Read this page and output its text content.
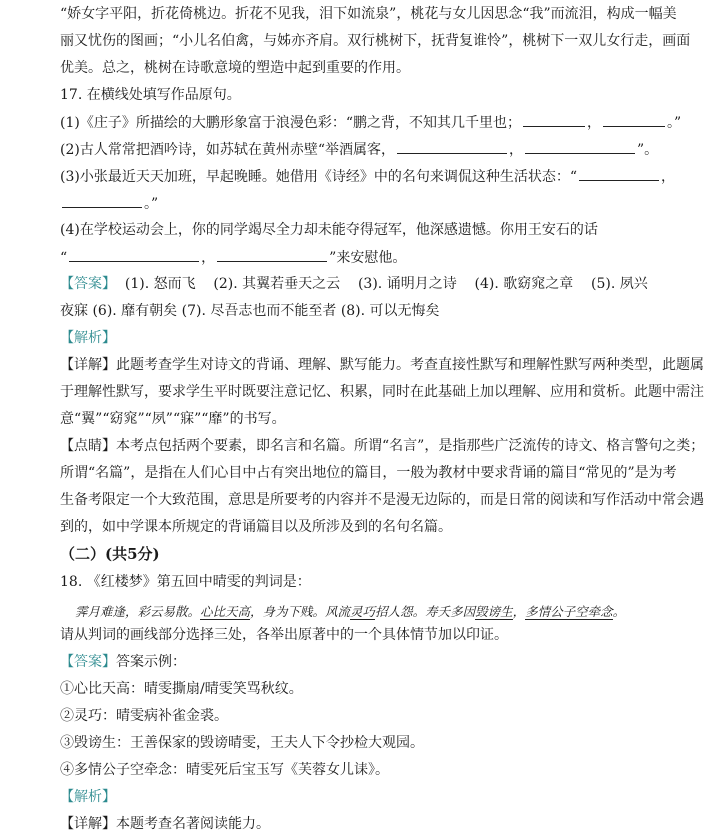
“娇女字平阳，折花倚桃边。折花不见我，泪下如流泉”，桃花与女儿因思念“我”而流泪，构成一幅美
丽又忧伤的图画；“小儿名伯禽，与姊亦齐肩。双行桃树下，抚背复谁怜”，桃树下一双儿女行走，画面
优美。总之，桃树在诗歌意境的塑造中起到重要的作用。
17. 在横线处填写作品原句。
(1)《庄子》所描绘的大鹏形象富于浪漫色彩：“鹏之背，不知其几千里也；	，	。”
(2)古人常常把酒吟诗，如苏轼在黄州赤壁“举酒属客，	，	”。
(3)小张最近天天加班，早起晚睡。她借用《诗经》中的名句来调侃这种生活状态：“	，
。”
(4)在学校运动会上，你的同学竭尽全力却未能夺得冠军，他深感遗憾。你用王安石的话
“	，	”来安慰他。
【答案】  (1). 怒而飞    (2). 其翼若垂天之云    (3). 诵明月之诗    (4). 歌窈窕之章    (5). 夙兴
夜寐 (6). 靡有朝矣 (7). 尽吾志也而不能至者 (8). 可以无悔矣
【解析】
【详解】此题考查学生对诗文的背诵、理解、默写能力。考查直接性默写和理解性默写两种类型，此题属
于理解性默写，要求学生平时既要注意记忆、积累，同时在此基础上加以理解、应用和赏析。此题中需注
意“翼”“窈窕”“夙”“寐”“靡”的书写。
【点睛】本考点包括两个要素，即名言和名篇。所谓“名言”，是指那些广泛流传的诗文、格言警句之类；
所谓“名篇”，是指在人们心目中占有突出地位的篇目，一般为教材中要求背诵的篇目“常见的”是为考
生备考限定一个大致范围，意思是所要考的内容并不是漫无边际的，而是日常的阅读和写作活动中常会遇
到的，如中学课本所规定的背诵篇目以及所涉及到的名句名篇。
（二）(共5分)
18. 《红楼梦》第五回中晴雯的判词是：
霁月难逢，彩云易散。心比天高，身为下贱。风流灵巧招人怨。寿夭多因毁谤生，多情公子空牵念。
请从判词的画线部分选择三处，各举出原著中的一个具体情节加以印证。
【答案】答案示例：
①心比天高：晴雯撕扇/晴雯笑骂秋纹。
②灵巧：晴雯病补雀金裘。
③毁谤生：王善保家的毁谤晴雯，王夫人下令抄检大观园。
④多情公子空牵念：晴雯死后宝玉写《芙蓉女儿诔》。
【解析】
【详解】本题考查名著阅读能力。
